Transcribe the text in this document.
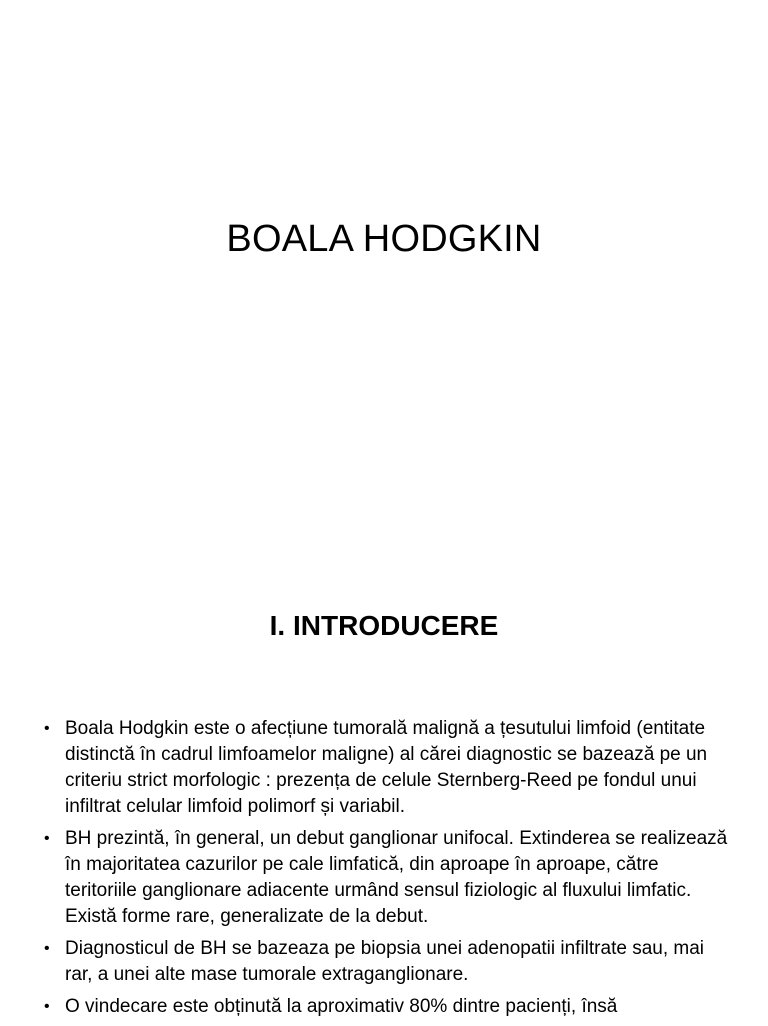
BOALA HODGKIN
I. INTRODUCERE
• Boala Hodgkin este o afecțiune tumorală malignă a țesutului limfoid (entitate distinctă în cadrul limfoamelor maligne) al cărei diagnostic se bazează pe un criteriu strict morfologic : prezența de celule Sternberg-Reed pe fondul unui infiltrat celular limfoid polimorf și variabil.
• BH prezintă, în general, un debut ganglionar unifocal. Extinderea se realizează în majoritatea cazurilor pe cale limfatică, din aproape în aproape, către teritoriile ganglionare adiacente urmând sensul fiziologic al fluxului limfatic. Există forme rare, generalizate de la debut.
• Diagnosticul de BH se bazeaza pe biopsia unei adenopatii infiltrate sau, mai rar, a unei alte mase tumorale extraganglionare.
• O vindecare este obținută la aproximativ 80% dintre pacienți, însă
